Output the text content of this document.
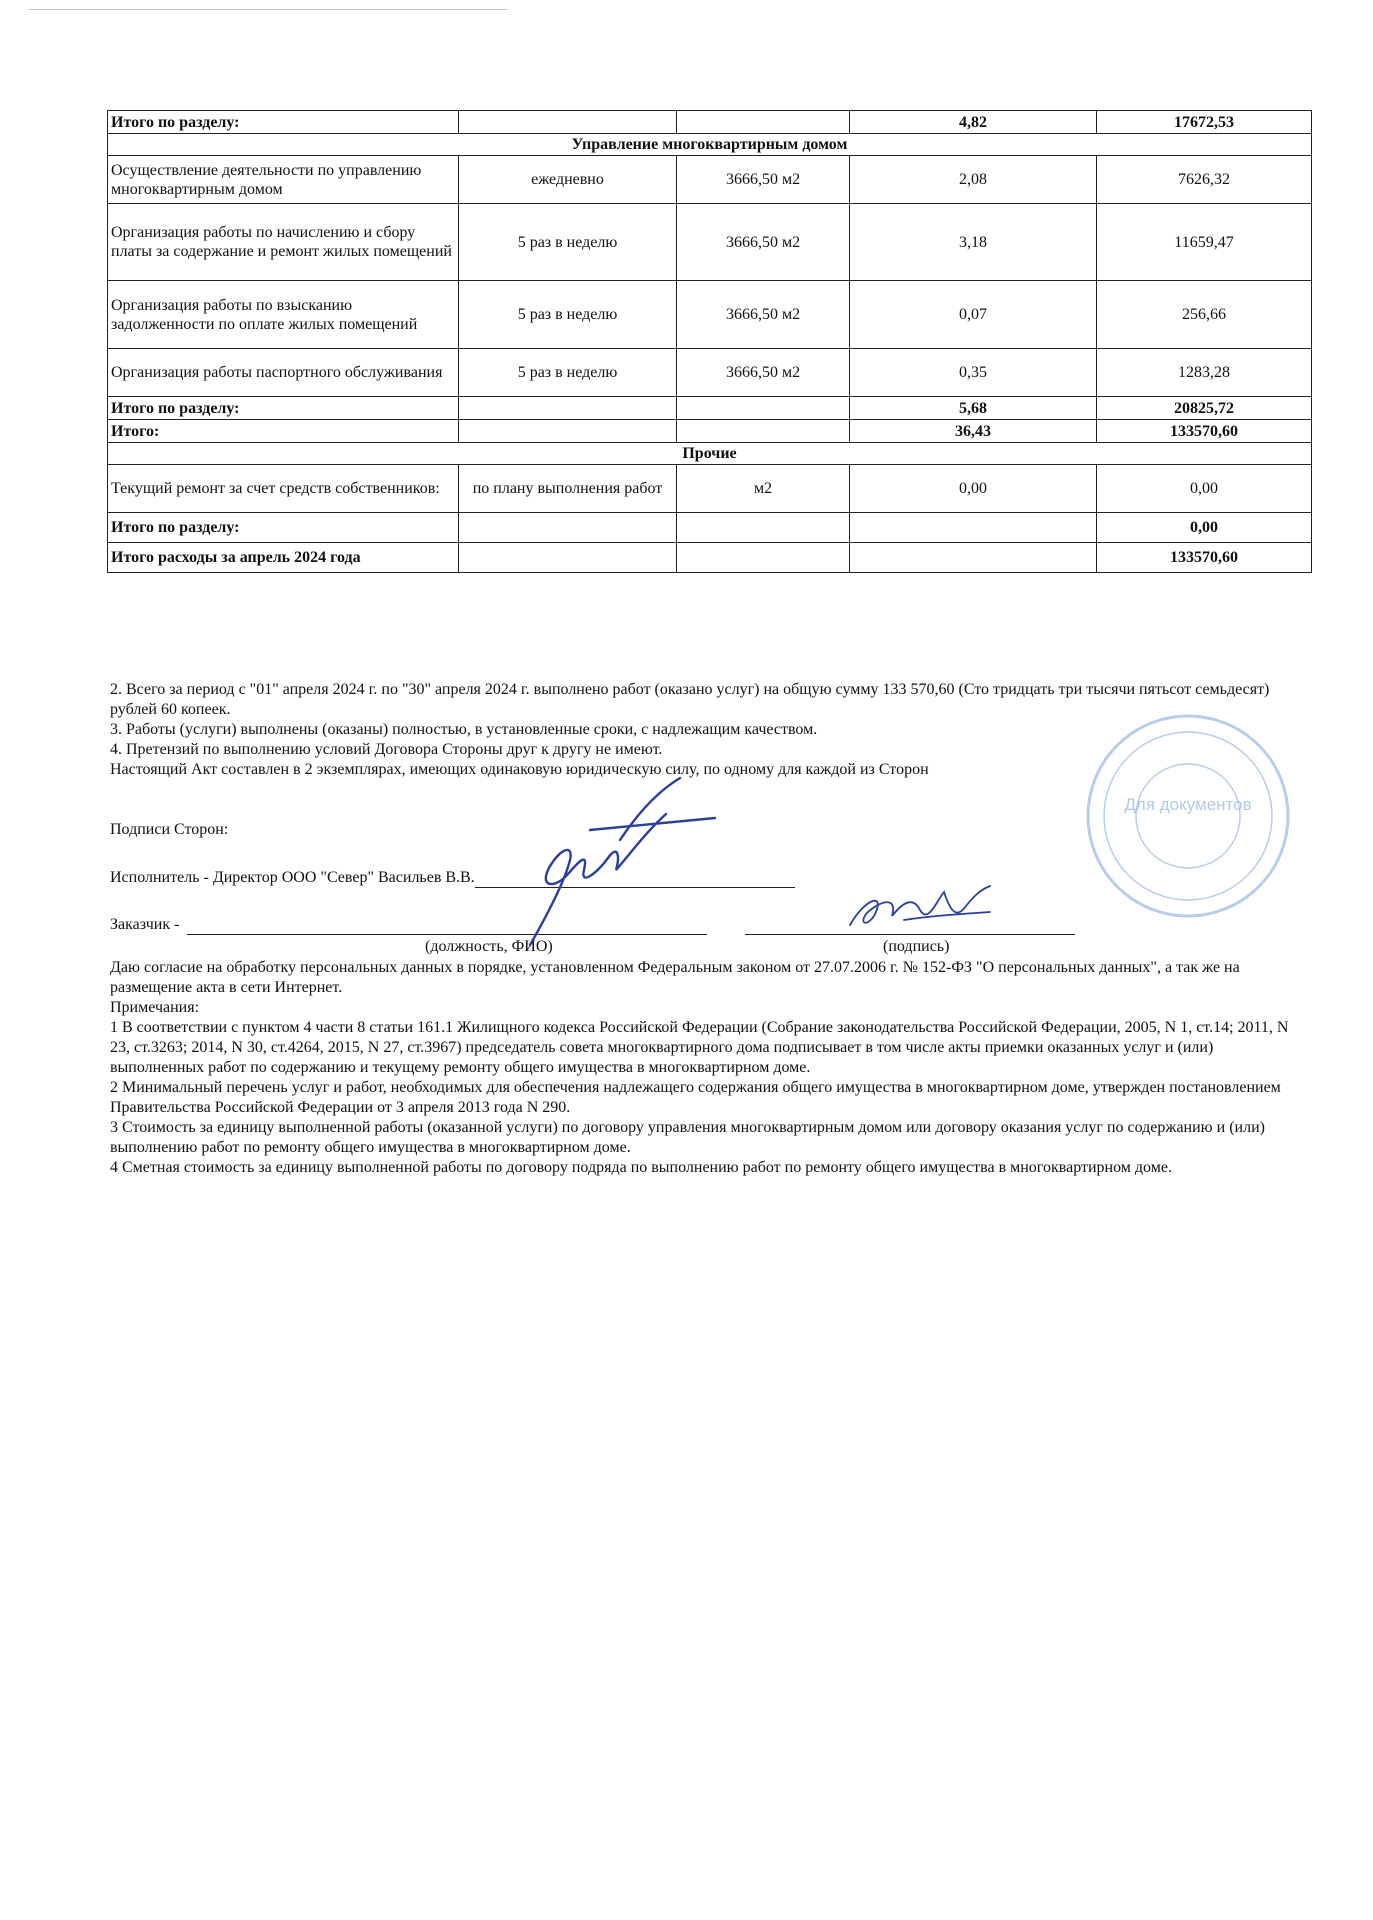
Итого по разделу:			4,82	17672,53
Управление многоквартирным домом				
Осуществление деятельности по управлению многоквартирным домом	ежедневно	3666,50 м2	2,08	7626,32
Организация работы по начислению и сбору платы за содержание и ремонт жилых помещений	5 раз в неделю	3666,50 м2	3,18	11659,47
Организация работы по взысканию задолженности по оплате жилых помещений	5 раз в неделю	3666,50 м2	0,07	256,66
Организация работы паспортного обслуживания	5 раз в неделю	3666,50 м2	0,35	1283,28
Итого по разделу:			5,68	20825,72
Итого:			36,43	133570,60
Прочие				
Текущий ремонт за счет средств собственников:	по плану выполнения работ	м2	0,00	0,00
Итого по разделу:				0,00
Итого расходы за апрель 2024 года				133570,60

2. Всего за период с "01" апреля 2024 г. по "30" апреля 2024 г. выполнено работ (оказано услуг) на общую сумму 133 570,60 (Сто тридцать три тысячи пятьсот семьдесят) рублей 60 копеек.

3. Работы (услуги) выполнены (оказаны) полностью, в установленные сроки, с надлежащим качеством.

4. Претензий по выполнению условий Договора Стороны друг к другу не имеют.

Настоящий Акт составлен в 2 экземплярах, имеющих одинаковую юридическую силу, по одному для каждой из Сторон

Подписи Сторон:
Исполнитель - Директор ООО "Север" Васильев В.В.
Заказчик -
(должность, ФИО)	(подпись)

Даю согласие на обработку персональных данных в порядке, установленном Федеральным законом от 27.07.2006 г. № 152-ФЗ "О персональных данных", а так же на размещение акта в сети Интернет.

Примечания:

1 В соответствии с пунктом 4 части 8 статьи 161.1 Жилищного кодекса Российской Федерации (Собрание законодательства Российской Федерации, 2005, N 1, ст.14; 2011, N 23, ст.3263; 2014, N 30, ст.4264, 2015, N 27, ст.3967) председатель совета многоквартирного дома подписывает в том числе акты приемки оказанных услуг и (или) выполненных работ по содержанию и текущему ремонту общего имущества в многоквартирном доме.

2 Минимальный перечень услуг и работ, необходимых для обеспечения надлежащего содержания общего имущества в многоквартирном доме, утвержден постановлением Правительства Российской Федерации от 3 апреля 2013 года N 290.

3 Стоимость за единицу выполненной работы (оказанной услуги) по договору управления многоквартирным домом или договору оказания услуг по содержанию и (или) выполнению работ по ремонту общего имущества в многоквартирном доме.

4 Сметная стоимость за единицу выполненной работы по договору подряда по выполнению работ по ремонту общего имущества в многоквартирном доме.

Для документов
